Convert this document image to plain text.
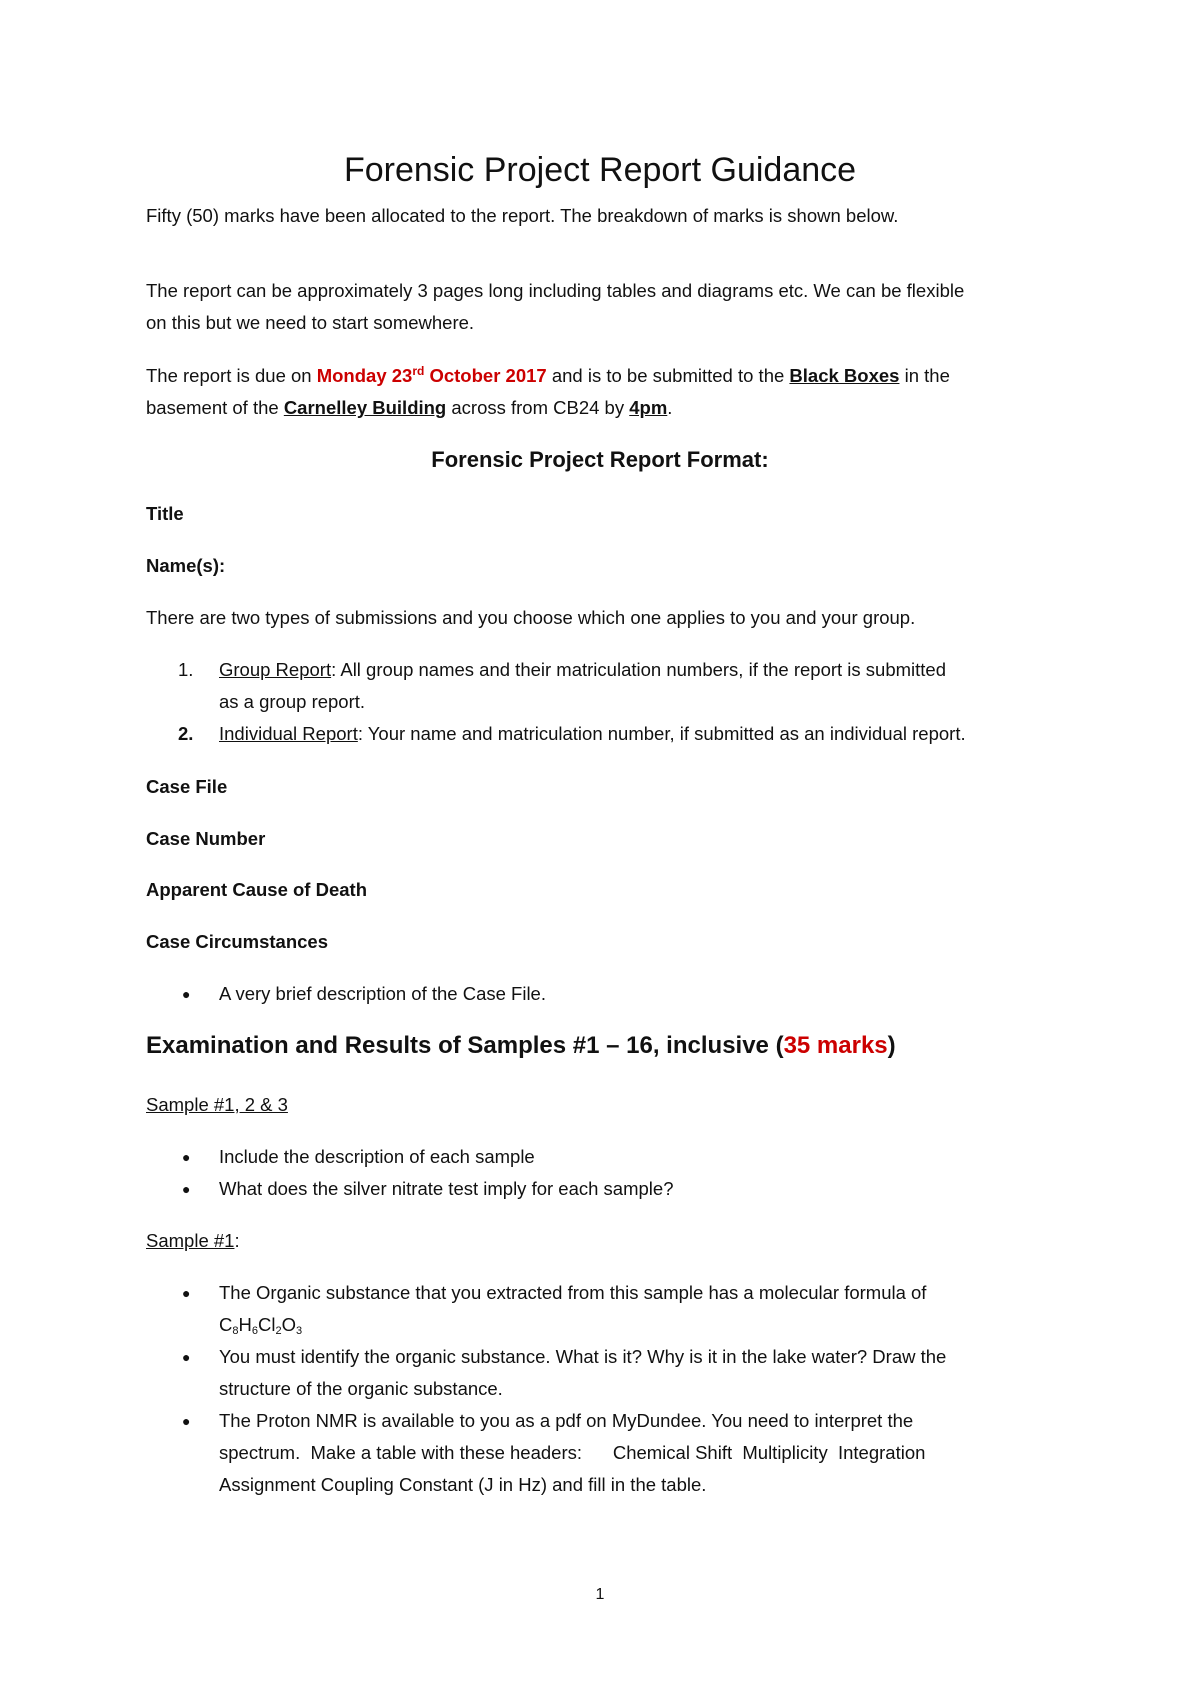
Forensic Project Report Guidance
Fifty (50) marks have been allocated to the report. The breakdown of marks is shown below.
The report can be approximately 3 pages long including tables and diagrams etc. We can be flexible
on this but we need to start somewhere.
The report is due on Monday 23rd October 2017 and is to be submitted to the Black Boxes in the
basement of the Carnelley Building across from CB24 by 4pm.
Forensic Project Report Format:
Title
Name(s):
There are two types of submissions and you choose which one applies to you and your group.
1.	Group Report: All group names and their matriculation numbers, if the report is submitted
as a group report.
2.	Individual Report: Your name and matriculation number, if submitted as an individual report.
Case File
Case Number
Apparent Cause of Death
Case Circumstances
● A very brief description of the Case File.
Examination and Results of Samples #1 – 16, inclusive (35 marks)
Sample #1, 2 & 3
● Include the description of each sample
● What does the silver nitrate test imply for each sample?
Sample #1:
● The Organic substance that you extracted from this sample has a molecular formula of
$C_8H_6Cl_2O_3$
● You must identify the organic substance. What is it? Why is it in the lake water? Draw the
structure of the organic substance.
● The Proton NMR is available to you as a pdf on MyDundee. You need to interpret the
spectrum.  Make a table with these headers:      Chemical Shift  Multiplicity  Integration
Assignment Coupling Constant (J in Hz) and fill in the table.
1
